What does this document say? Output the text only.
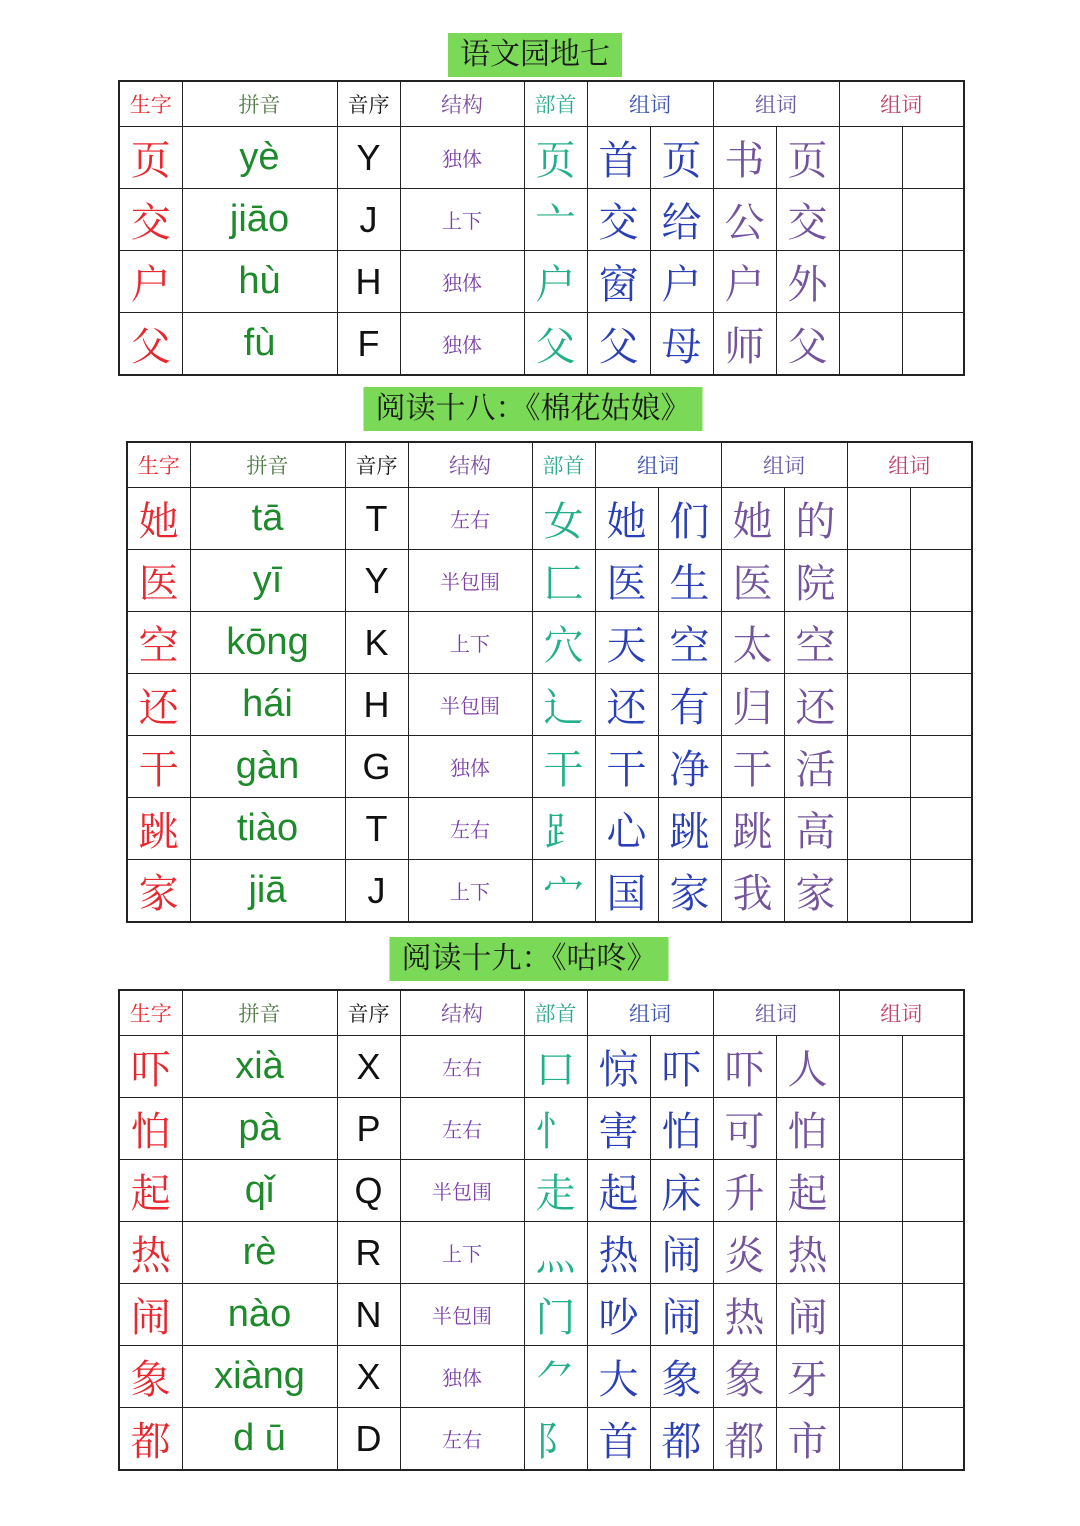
语文园地七
生字	拼音	音序	结构	部首	组词		组词		组词	
页	yè	Y	独体	页	首	页	书	页		
交	jiāo	J	上下	亠	交	给	公	交		
户	hù	H	独体	户	窗	户	户	外		
父	fù	F	独体	父	父	母	师	父		
阅读十八：《棉花姑娘》
生字	拼音	音序	结构	部首	组词		组词		组词	
她	tā	T	左右	女	她	们	她	的		
医	yī	Y	半包围	匚	医	生	医	院		
空	kōng	K	上下	穴	天	空	太	空		
还	hái	H	半包围	辶	还	有	归	还		
干	gàn	G	独体	干	干	净	干	活		
跳	tiào	T	左右	⻊	心	跳	跳	高		
家	jiā	J	上下	宀	国	家	我	家		
阅读十九：《咕咚》
生字	拼音	音序	结构	部首	组词		组词		组词	
吓	xià	X	左右	口	惊	吓	吓	人		
怕	pà	P	左右	忄	害	怕	可	怕		
起	qǐ	Q	半包围	走	起	床	升	起		
热	rè	R	上下	灬	热	闹	炎	热		
闹	nào	N	半包围	门	吵	闹	热	闹		
象	xiàng	X	独体	⺈	大	象	象	牙		
都	d ū	D	左右	阝	首	都	都	市		
